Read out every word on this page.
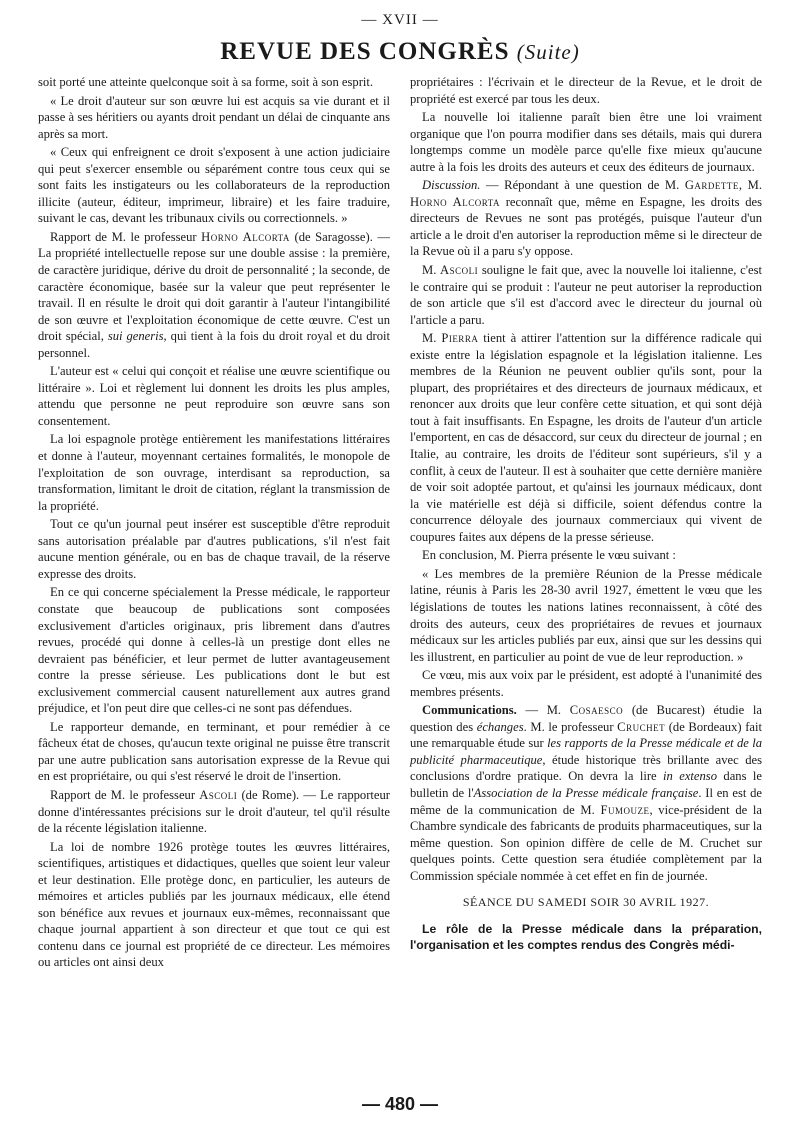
— XVII —
REVUE DES CONGRÈS (Suite)

soit porté une atteinte quelconque soit à sa forme, soit à son esprit.

« Le droit d'auteur sur son œuvre lui est acquis sa vie durant et il passe à ses héritiers ou ayants droit pendant un délai de cinquante ans après sa mort.

« Ceux qui enfreignent ce droit s'exposent à une action judiciaire qui peut s'exercer ensemble ou séparément contre tous ceux qui se sont faits les instigateurs ou les collaborateurs de la reproduction illicite (auteur, éditeur, imprimeur, libraire) et les faire traduire, suivant le cas, devant les tribunaux civils ou correctionnels. »

Rapport de M. le professeur Horno Alcorta (de Saragosse). — La propriété intellectuelle repose sur une double assise : la première, de caractère juridique, dérive du droit de personnalité ; la seconde, de caractère économique, basée sur la valeur que peut représenter le travail. Il en résulte le droit qui doit garantir à l'auteur l'intangibilité de son œuvre et l'exploitation économique de cette œuvre. C'est un droit spécial, sui generis, qui tient à la fois du droit royal et du droit personnel.

L'auteur est « celui qui conçoit et réalise une œuvre scientifique ou littéraire ». Loi et règlement lui donnent les droits les plus amples, attendu que personne ne peut reproduire son œuvre sans son consentement.

La loi espagnole protège entièrement les manifestations littéraires et donne à l'auteur, moyennant certaines formalités, le monopole de l'exploitation de son ouvrage, interdisant sa reproduction, sa transformation, limitant le droit de citation, réglant la transmission de la propriété.

Tout ce qu'un journal peut insérer est susceptible d'être reproduit sans autorisation préalable par d'autres publications, s'il n'est fait aucune mention générale, ou en bas de chaque travail, de la réserve expresse des droits.

En ce qui concerne spécialement la Presse médicale, le rapporteur constate que beaucoup de publications sont composées exclusivement d'articles originaux, pris librement dans d'autres revues, procédé qui donne à celles-là un prestige dont elles ne devraient pas bénéficier, et leur permet de lutter avantageusement contre la presse sérieuse. Les publications dont le but est exclusivement commercial causent naturellement aux autres grand préjudice, et l'on peut dire que celles-ci ne sont pas défendues.

Le rapporteur demande, en terminant, et pour remédier à ce fâcheux état de choses, qu'aucun texte original ne puisse être transcrit par une autre publication sans autorisation expresse de la Revue qui en est propriétaire, ou qui s'est réservé le droit de l'insertion.

Rapport de M. le professeur Ascoli (de Rome). — Le rapporteur donne d'intéressantes précisions sur le droit d'auteur, tel qu'il résulte de la récente législation italienne.

La loi de nombre 1926 protège toutes les œuvres littéraires, scientifiques, artistiques et didactiques, quelles que soient leur valeur et leur destination. Elle protège donc, en particulier, les auteurs de mémoires et articles publiés par les journaux médicaux, elle étend son bénéfice aux revues et journaux eux-mêmes, reconnaissant que chaque journal appartient à son directeur et que tout ce qui est contenu dans ce journal est propriété de ce directeur. Les mémoires ou articles ont ainsi deux

propriétaires : l'écrivain et le directeur de la Revue, et le droit de propriété est exercé par tous les deux.

La nouvelle loi italienne paraît bien être une loi vraiment organique que l'on pourra modifier dans ses détails, mais qui durera longtemps comme un modèle parce qu'elle fixe mieux qu'aucune autre à la fois les droits des auteurs et ceux des éditeurs de journaux.

Discussion. — Répondant à une question de M. Gardette, M. Horno Alcorta reconnaît que, même en Espagne, les droits des directeurs de Revues ne sont pas protégés, puisque l'auteur d'un article a le droit d'en autoriser la reproduction même si le directeur de la Revue où il a paru s'y oppose.

M. Ascoli souligne le fait que, avec la nouvelle loi italienne, c'est le contraire qui se produit : l'auteur ne peut autoriser la reproduction de son article que s'il est d'accord avec le directeur du journal où l'article a paru.

M. Pierra tient à attirer l'attention sur la différence radicale qui existe entre la législation espagnole et la législation italienne. Les membres de la Réunion ne peuvent oublier qu'ils sont, pour la plupart, des propriétaires et des directeurs de journaux médicaux, et renoncer aux droits que leur confère cette situation, et qui sont déjà tout à fait insuffisants. En Espagne, les droits de l'auteur d'un article l'emportent, en cas de désaccord, sur ceux du directeur de journal ; en Italie, au contraire, les droits de l'éditeur sont supérieurs, s'il y a conflit, à ceux de l'auteur. Il est à souhaiter que cette dernière manière de voir soit adoptée partout, et qu'ainsi les journaux médicaux, dont la vie matérielle est déjà si difficile, soient défendus contre la concurrence déloyale des journaux commerciaux qui vivent de coupures faites aux dépens de la presse sérieuse.

En conclusion, M. Pierra présente le vœu suivant :

« Les membres de la première Réunion de la Presse médicale latine, réunis à Paris les 28-30 avril 1927, émettent le vœu que les législations de toutes les nations latines reconnaissent, à côté des droits des auteurs, ceux des propriétaires de revues et journaux médicaux sur les articles publiés par eux, ainsi que sur les dessins qui les illustrent, en particulier au point de vue de leur reproduction. »

Ce vœu, mis aux voix par le président, est adopté à l'unanimité des membres présents.

Communications. — M. Cosaesco (de Bucarest) étudie la question des échanges. M. le professeur Cruchet (de Bordeaux) fait une remarquable étude sur les rapports de la Presse médicale et de la publicité pharmaceutique, étude historique très brillante avec des conclusions d'ordre pratique. On devra la lire in extenso dans le bulletin de l'Association de la Presse médicale française. Il en est de même de la communication de M. Fumouze, vice-président de la Chambre syndicale des fabricants de produits pharmaceutiques, sur la même question. Son opinion diffère de celle de M. Cruchet sur quelques points. Cette question sera étudiée complètement par la Commission spéciale nommée à cet effet en fin de journée.

SÉANCE DU SAMEDI SOIR 30 AVRIL 1927.

Le rôle de la Presse médicale dans la préparation, l'organisation et les comptes rendus des Congrès médi-

— 480 —
